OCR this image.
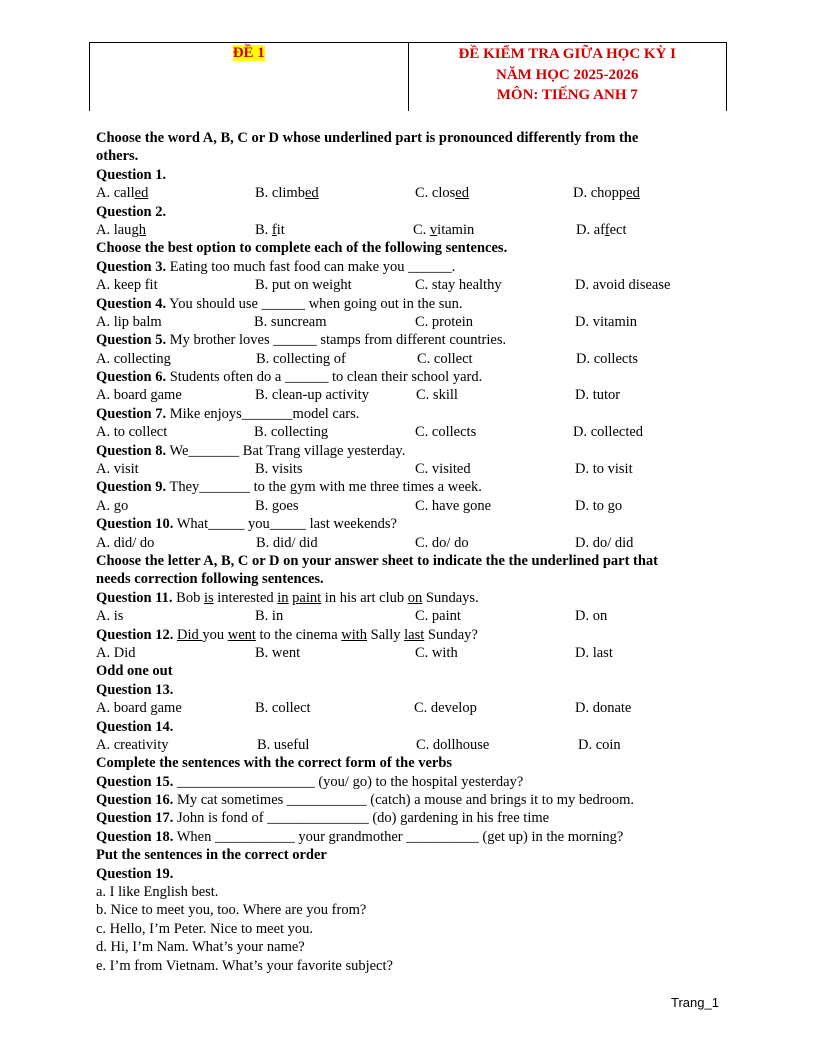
ĐỀ 1	ĐỀ KIỂM TRA GIỮA HỌC KỲ I
NĂM HỌC 2025-2026
MÔN: TIẾNG ANH 7
Choose the word A, B, C or D whose underlined part is pronounced differently from the
others.
Question 1.
A. called	B. climbed	C. closed	D. chopped
Question 2.
A. laugh	B. fit	C. vitamin	D. affect
Choose the best option to complete each of the following sentences.
Question 3. Eating too much fast food can make you ______.
A. keep fit	B. put on weight	C. stay healthy	D. avoid disease
Question 4. You should use ______ when going out in the sun.
A. lip balm	B. suncream	C. protein	D. vitamin
Question 5. My brother loves ______ stamps from different countries.
A. collecting	B. collecting of	C. collect	D. collects
Question 6. Students often do a ______ to clean their school yard.
A. board game	B. clean-up activity	C. skill	D. tutor
Question 7. Mike enjoys_______model cars.
A. to collect	B. collecting	C. collects	D. collected
Question 8. We_______ Bat Trang village yesterday.
A. visit	B. visits	C. visited	D. to visit
Question 9. They_______ to the gym with me three times a week.
A. go	B. goes	C. have gone	D. to go
Question 10. What_____ you_____ last weekends?
A. did/ do	B. did/ did	C. do/ do	D. do/ did
Choose the letter A, B, C or D on your answer sheet to indicate the the underlined part that
needs correction following sentences.
Question 11. Bob is interested in paint in his art club on Sundays.
A. is	B. in	C. paint	D. on
Question 12. Did you went to the cinema with Sally last Sunday?
A. Did	B. went	C. with	D. last
Odd one out
Question 13.
A. board game	B. collect	C. develop	D. donate
Question 14.
A. creativity	B. useful	C. dollhouse	D. coin
Complete the sentences with the correct form of the verbs
Question 15. ___________________ (you/ go) to the hospital yesterday?
Question 16. My cat sometimes ___________ (catch) a mouse and brings it to my bedroom.
Question 17. John is fond of ______________ (do) gardening in his free time
Question 18. When ___________ your grandmother __________ (get up) in the morning?
Put the sentences in the correct order
Question 19.
a. I like English best.
b. Nice to meet you, too. Where are you from?
c. Hello, I’m Peter. Nice to meet you.
d. Hi, I’m Nam. What’s your name?
e. I’m from Vietnam. What’s your favorite subject?
Trang_1
